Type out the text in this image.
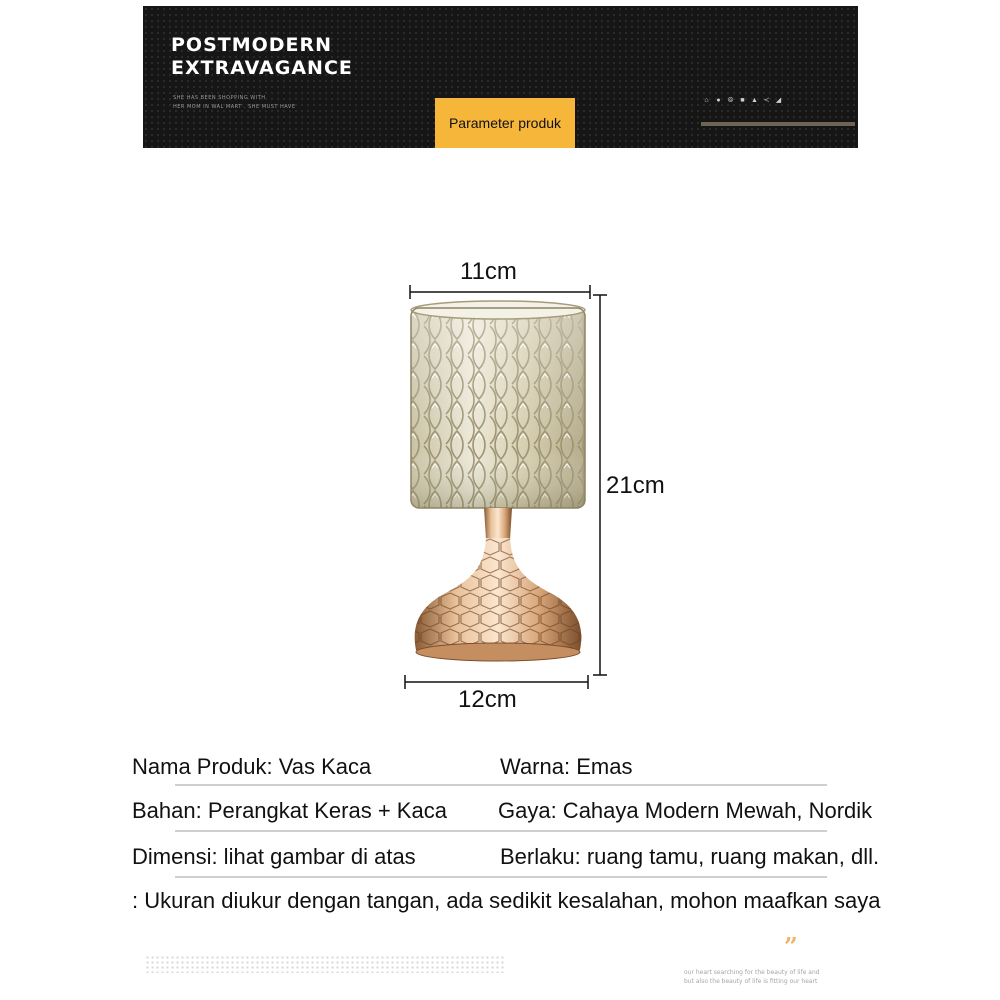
POSTMODERN
EXTRAVAGANCE
SHE HAS BEEN SHOPPING WITH
HER MOM IN WAL MART . SHE MUST HAVE
Parameter produk
⌂ ● ⦾ ■ ▲ ≺ ◢
11cm
21cm
12cm
Nama Produk: Vas Kaca	Warna: Emas
Bahan: Perangkat Keras + Kaca Gaya: Cahaya Modern Mewah, Nordik
Dimensi: lihat gambar di atas	Berlaku: ruang tamu, ruang makan, dll.
: Ukuran diukur dengan tangan, ada sedikit kesalahan, mohon maafkan saya
”
our heart searching for the beauty of life and
but also the beauty of life is fitting our heart
